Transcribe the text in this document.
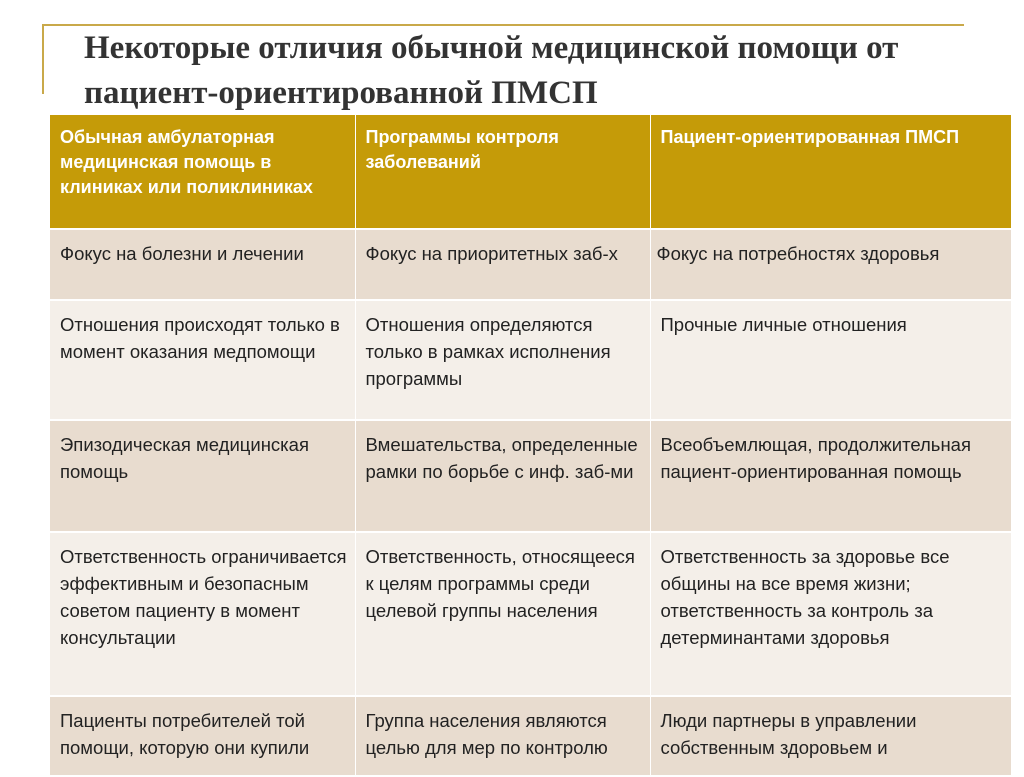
Некоторые отличия обычной медицинской помощи от пациент-ориентированной ПМСП
Обычная амбулаторная медицинская помощь в клиниках или поликлиниках	Программы контроля заболеваний	Пациент-ориентированная ПМСП
Фокус на болезни и лечении	Фокус на приоритетных заб-х	Фокус на потребностях здоровья
Отношения происходят только в момент оказания медпомощи	Отношения определяются только в рамках исполнения программы	Прочные личные отношения
Эпизодическая медицинская помощь	Вмешательства, определенные рамки по борьбе с инф. заб-ми	Всеобъемлющая, продолжительная пациент-ориентированная помощь
Ответственность ограничивается эффективным и безопасным советом пациенту в момент консультации	Ответственность, относящееся к целям программы среди целевой группы населения	Ответственность за здоровье все общины на все время жизни; ответственность за контроль за детерминантами здоровья
Пациенты потребителей той помощи, которую они купили	Группа населения являются целью для мер по контролю	Люди партнеры в управлении собственным здоровьем и
